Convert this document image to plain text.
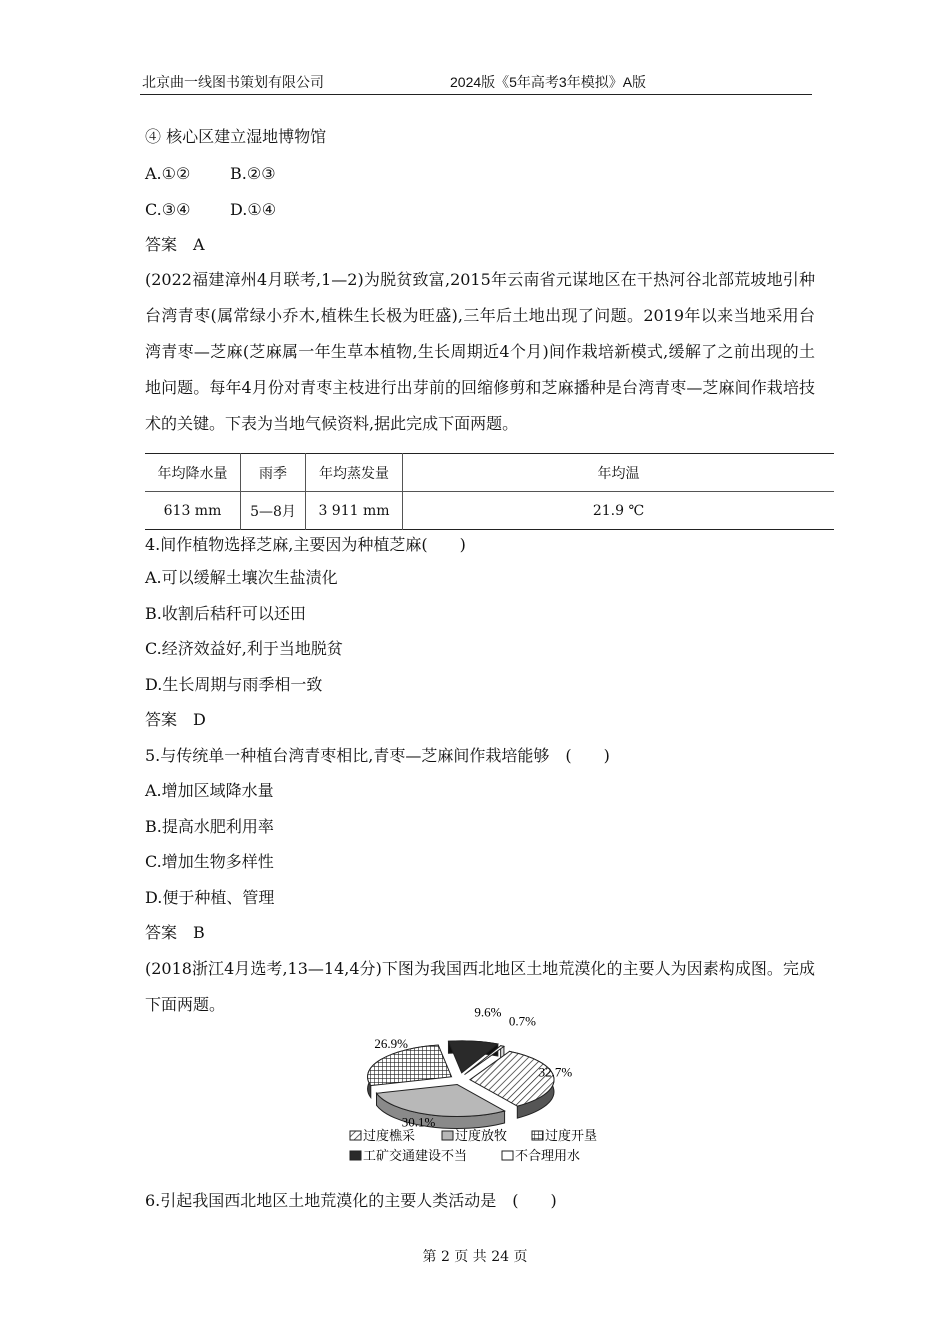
北京曲一线图书策划有限公司	2024版《5年高考3年模拟》A版
④ 核心区建立湿地博物馆
A.①② B.②③
C.③④ D.①④
答案　A
(2022福建漳州4月联考,1—2)为脱贫致富,2015年云南省元谋地区在干热河谷北部荒坡地引种台湾青枣(属常绿小乔木,植株生长极为旺盛),三年后土地出现了问题。2019年以来当地采用台湾青枣—芝麻(芝麻属一年生草本植物,生长周期近4个月)间作栽培新模式,缓解了之前出现的土地问题。每年4月份对青枣主枝进行出芽前的回缩修剪和芝麻播种是台湾青枣—芝麻间作栽培技术的关键。下表为当地气候资料,据此完成下面两题。
年均降水量	雨季	年均蒸发量	年均温
613 mm	5—8月	3 911 mm	21.9 ℃
4.间作植物选择芝麻,主要因为种植芝麻(　　)
A.可以缓解土壤次生盐渍化
B.收割后秸秆可以还田
C.经济效益好,利于当地脱贫
D.生长周期与雨季相一致
答案　D
5.与传统单一种植台湾青枣相比,青枣—芝麻间作栽培能够　(　　)
A.增加区域降水量
B.提高水肥利用率
C.增加生物多样性
D.便于种植、管理
答案　B
(2018浙江4月选考,13—14,4分)下图为我国西北地区土地荒漠化的主要人为因素构成图。完成下面两题。
32.7%
30.1%
26.9%
9.6%
0.7%
过度樵采	过度放牧	过度开垦
工矿交通建设不当	不合理用水
6.引起我国西北地区土地荒漠化的主要人类活动是　(　　)
第 2 页 共 24 页
